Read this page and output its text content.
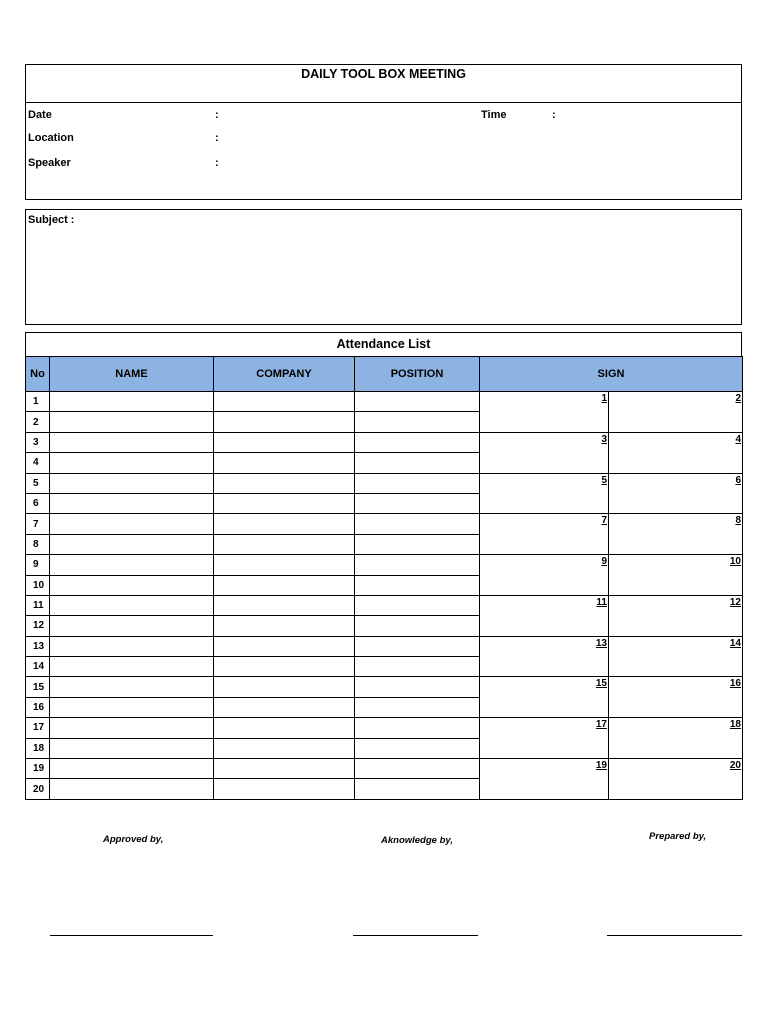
DAILY TOOL BOX MEETING
Date	:	Time	:
Location	:
Speaker	:
Subject :
Attendance List
No	NAME	COMPANY	POSITION	SIGN	
1				1	2

2					
3				3	4

4					
5				5	6

6					
7				7	8

8					
9				9	10

10					
11				11	12

12					
13				13	14

14					
15				15	16

16					
17				17	18

18					
19				19	20

20					
Approved by,	Aknowledge by,	Prepared by,
